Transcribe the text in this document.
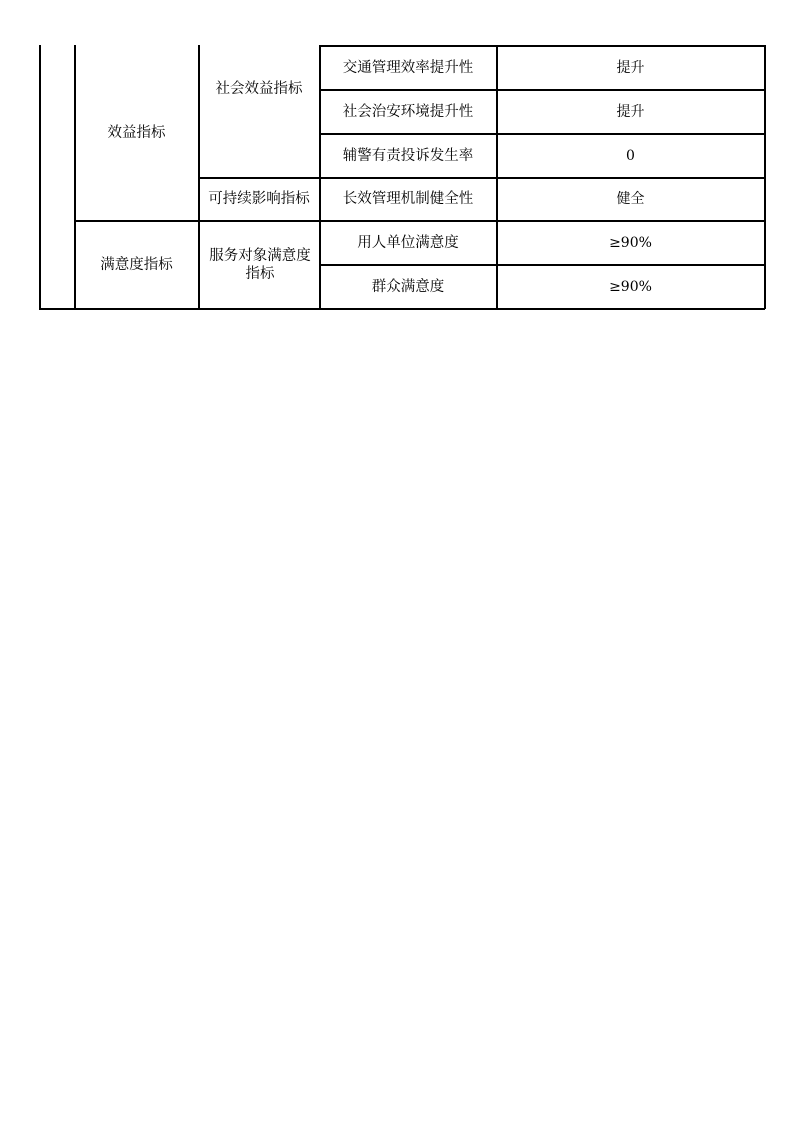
效益指标
社会效益指标
交通管理效率提升性	提升
社会治安环境提升性	提升
辅警有责投诉发生率	0
可持续影响指标	长效管理机制健全性	健全
满意度指标
服务对象满意度指标
用人单位满意度	≥90%
群众满意度	≥90%
